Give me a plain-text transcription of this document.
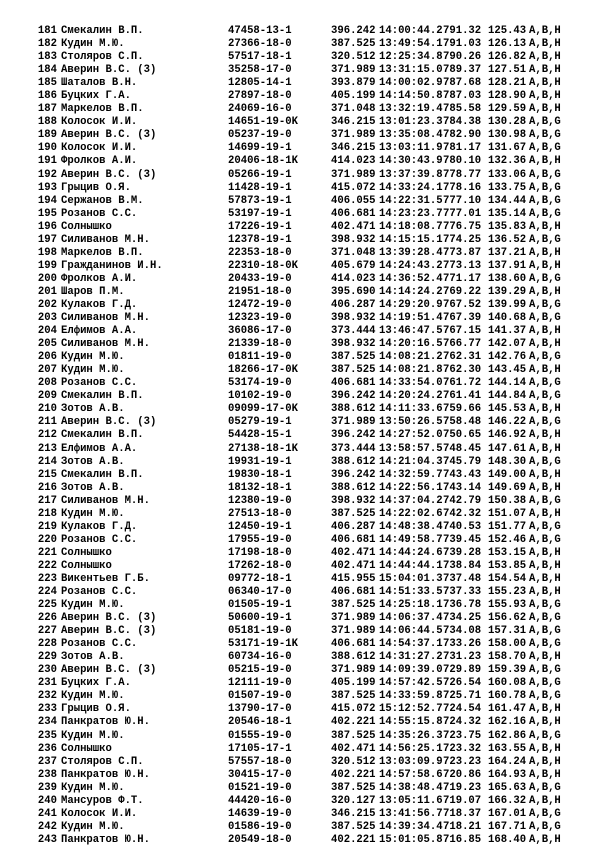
181 Смекалин В.П.	47458-13-1	396.242 14:00:44.2 791.32 125.43 A,B,H
182 Кудин М.Ю.	27366-18-0	387.525 13:49:54.1 791.03 126.13 A,B,H
183 Столяров С.П.	57517-18-1	320.512 12:25:34.8 790.26 126.82 A,B,H
184 Аверин В.С. (3)	35258-17-0	371.989 13:31:15.0 789.37 127.51 A,B,H
185 Шаталов В.Н.	12805-14-1	393.879 14:00:02.9 787.68 128.21 A,B,H
186 Буцких Г.А.	27897-18-0	405.199 14:14:50.8 787.03 128.90 A,B,H
187 Маркелов В.П.	24069-16-0	371.048 13:32:19.4 785.58 129.59 A,B,H
188 Колосок И.И.	14651-19-0K	346.215 13:01:23.3 784.38 130.28 A,B,G
189 Аверин В.С. (3)	05237-19-0	371.989 13:35:08.4 782.90 130.98 A,B,G
190 Колосок И.И.	14699-19-1	346.215 13:03:11.9 781.17 131.67 A,B,G
191 Фролков А.И.	20406-18-1K	414.023 14:30:43.9 780.10 132.36 A,B,H
192 Аверин В.С. (3)	05266-19-1	371.989 13:37:39.8 778.77 133.06 A,B,G
193 Грыцив О.Я.	11428-19-1	415.072 14:33:24.1 778.16 133.75 A,B,G
194 Сержанов В.М.	57873-19-1	406.055 14:22:31.5 777.10 134.44 A,B,G
195 Розанов С.С.	53197-19-1	406.681 14:23:23.7 777.01 135.14 A,B,G
196 Солнышко	17226-19-1	402.471 14:18:08.7 776.75 135.83 A,B,H
197 Силиванов М.Н.	12378-19-1	398.932 14:15:15.1 774.25 136.52 A,B,G
198 Маркелов В.П.	22353-18-0	371.048 13:39:28.4 773.87 137.21 A,B,H
199 Гражданинов И.Н.	22310-18-0K	405.679 14:24:43.2 773.13 137.91 A,B,H
200 Фролков А.И.	20433-19-0	414.023 14:36:52.4 771.17 138.60 A,B,G
201 Шаров П.М.	21951-18-0	395.690 14:14:24.2 769.22 139.29 A,B,H
202 Кулаков Г.Д.	12472-19-0	406.287 14:29:20.9 767.52 139.99 A,B,G
203 Силиванов М.Н.	12323-19-0	398.932 14:19:51.4 767.39 140.68 A,B,G
204 Елфимов А.А.	36086-17-0	373.444 13:46:47.5 767.15 141.37 A,B,H
205 Силиванов М.Н.	21339-18-0	398.932 14:20:16.5 766.77 142.07 A,B,H
206 Кудин М.Ю.	01811-19-0	387.525 14:08:21.2 762.31 142.76 A,B,G
207 Кудин М.Ю.	18266-17-0K	387.525 14:08:21.8 762.30 143.45 A,B,H
208 Розанов С.С.	53174-19-0	406.681 14:33:54.0 761.72 144.14 A,B,G
209 Смекалин В.П.	10102-19-0	396.242 14:20:24.2 761.41 144.84 A,B,G
210 Зотов А.В.	09099-17-0K	388.612 14:11:33.6 759.66 145.53 A,B,H
211 Аверин В.С. (3)	05279-19-1	371.989 13:50:26.5 758.48 146.22 A,B,G
212 Смекалин В.П.	54428-15-1	396.242 14:27:52.0 750.65 146.92 A,B,H
213 Елфимов А.А.	27138-18-1K	373.444 13:58:57.5 748.45 147.61 A,B,H
214 Зотов А.В.	19931-19-1	388.612 14:21:04.3 745.79 148.30 A,B,G
215 Смекалин В.П.	19830-18-1	396.242 14:32:59.7 743.43 149.00 A,B,H
216 Зотов А.В.	18132-18-1	388.612 14:22:56.1 743.14 149.69 A,B,H
217 Силиванов М.Н.	12380-19-0	398.932 14:37:04.2 742.79 150.38 A,B,G
218 Кудин М.Ю.	27513-18-0	387.525 14:22:02.6 742.32 151.07 A,B,H
219 Кулаков Г.Д.	12450-19-1	406.287 14:48:38.4 740.53 151.77 A,B,G
220 Розанов С.С.	17955-19-0	406.681 14:49:58.7 739.45 152.46 A,B,G
221 Солнышко	17198-18-0	402.471 14:44:24.6 739.28 153.15 A,B,H
222 Солнышко	17262-18-0	402.471 14:44:44.1 738.84 153.85 A,B,H
223 Викентьев Г.Б.	09772-18-1	415.955 15:04:01.3 737.48 154.54 A,B,H
224 Розанов С.С.	06340-17-0	406.681 14:51:33.5 737.33 155.23 A,B,H
225 Кудин М.Ю.	01505-19-1	387.525 14:25:18.1 736.78 155.93 A,B,G
226 Аверин В.С. (3)	50600-19-1	371.989 14:06:37.4 734.25 156.62 A,B,G
227 Аверин В.С. (3)	05181-19-0	371.989 14:06:44.5 734.08 157.31 A,B,G
228 Розанов С.С.	53171-19-1K	406.681 14:54:37.1 733.26 158.00 A,B,G
229 Зотов А.В.	60734-16-0	388.612 14:31:27.2 731.23 158.70 A,B,H
230 Аверин В.С. (3)	05215-19-0	371.989 14:09:39.0 729.89 159.39 A,B,G
231 Буцких Г.А.	12111-19-0	405.199 14:57:42.5 726.54 160.08 A,B,G
232 Кудин М.Ю.	01507-19-0	387.525 14:33:59.8 725.71 160.78 A,B,G
233 Грыцив О.Я.	13790-17-0	415.072 15:12:52.7 724.54 161.47 A,B,H
234 Панкратов Ю.Н.	20546-18-1	402.221 14:55:15.8 724.32 162.16 A,B,H
235 Кудин М.Ю.	01555-19-0	387.525 14:35:26.3 723.75 162.86 A,B,G
236 Солнышко	17105-17-1	402.471 14:56:25.1 723.32 163.55 A,B,H
237 Столяров С.П.	57557-18-0	320.512 13:03:09.9 723.23 164.24 A,B,H
238 Панкратов Ю.Н.	30415-17-0	402.221 14:57:58.6 720.86 164.93 A,B,H
239 Кудин М.Ю.	01521-19-0	387.525 14:38:48.4 719.23 165.63 A,B,G
240 Мансуров Ф.Т.	44420-16-0	320.127 13:05:11.6 719.07 166.32 A,B,H
241 Колосок И.И.	14639-19-0	346.215 13:41:56.7 718.37 167.01 A,B,G
242 Кудин М.Ю.	01586-19-0	387.525 14:39:34.4 718.21 167.71 A,B,G
243 Панкратов Ю.Н.	20549-18-0	402.221 15:01:05.8 716.85 168.40 A,B,H
